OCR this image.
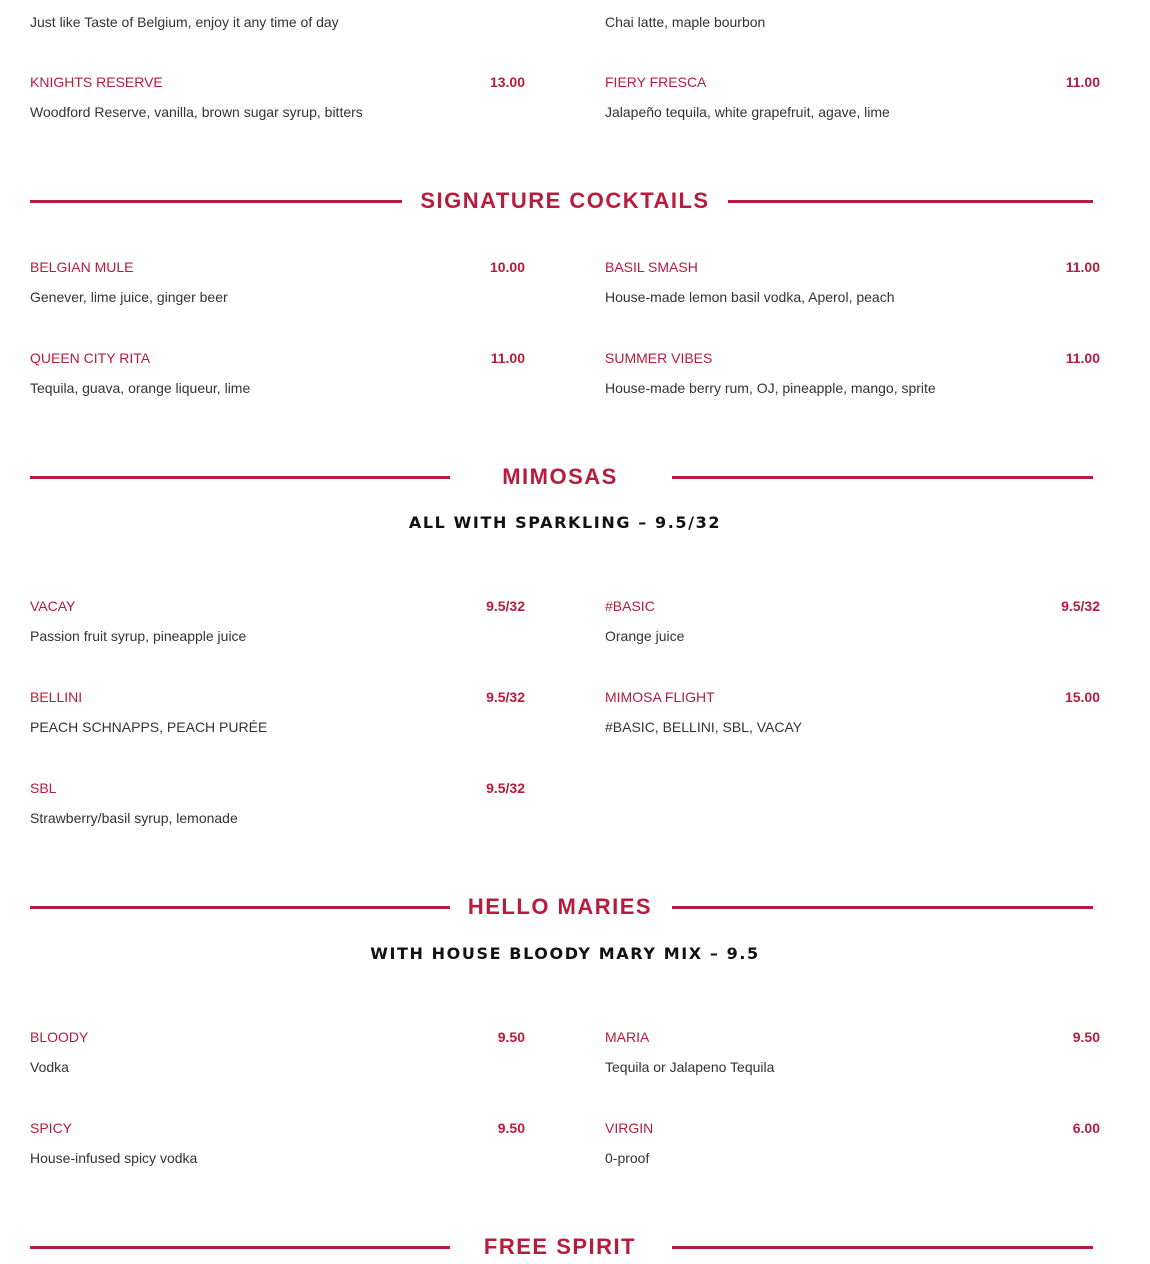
Just like Taste of Belgium, enjoy it any time of day	Chai latte, maple bourbon
KNIGHTS RESERVE	13.00
Woodford Reserve, vanilla, brown sugar syrup, bitters
FIERY FRESCA	11.00
Jalapeño tequila, white grapefruit, agave, lime
SIGNATURE COCKTAILS
BELGIAN MULE	10.00
Genever, lime juice, ginger beer
BASIL SMASH	11.00
House-made lemon basil vodka, Aperol, peach
QUEEN CITY RITA	11.00
Tequila, guava, orange liqueur, lime
SUMMER VIBES	11.00
House-made berry rum, OJ, pineapple, mango, sprite
MIMOSAS
ALL WITH SPARKLING – 9.5/32
VACAY	9.5/32
Passion fruit syrup, pineapple juice
#BASIC	9.5/32
Orange juice
BELLINI	9.5/32
PEACH SCHNAPPS, PEACH PURÉE
MIMOSA FLIGHT	15.00
#BASIC, BELLINI, SBL, VACAY
SBL	9.5/32
Strawberry/basil syrup, lemonade
HELLO MARIES
WITH HOUSE BLOODY MARY MIX – 9.5
BLOODY	9.50
Vodka
MARIA	9.50
Tequila or Jalapeno Tequila
SPICY	9.50
House-infused spicy vodka
VIRGIN	6.00
0-proof
FREE SPIRIT
